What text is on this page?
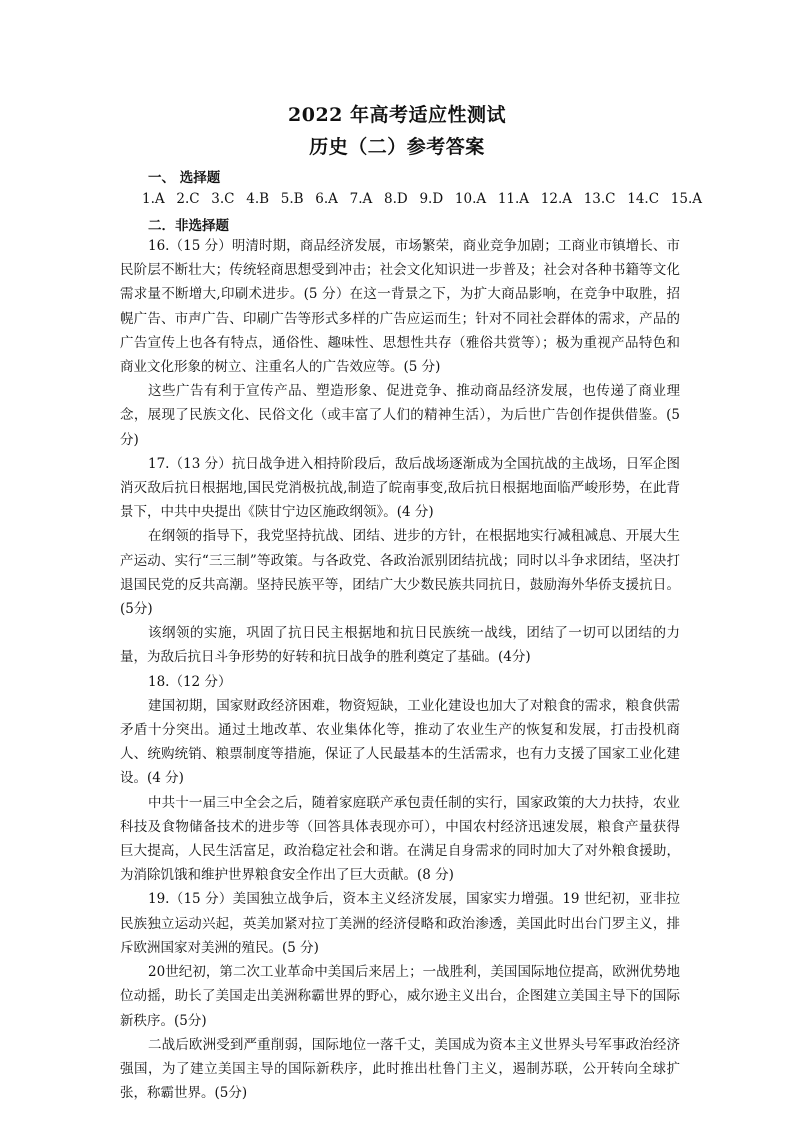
2022 年高考适应性测试
历史（二）参考答案
一、 选择题
1.A 2.C 3.C 4.B 5.B 6.A 7.A 8.D 9.D 10.A 11.A 12.A 13.C 14.C 15.A
二．非选择题

16.（15 分）明清时期，商品经济发展，市场繁荣，商业竞争加剧；工商业市镇增长、市民阶层不断壮大；传统轻商思想受到冲击；社会文化知识进一步普及；社会对各种书籍等文化需求量不断增大,印刷术进步。(5 分）在这一背景之下，为扩大商品影响，在竞争中取胜，招幌广告、市声广告、印刷广告等形式多样的广告应运而生；针对不同社会群体的需求，产品的广告宣传上也各有特点，通俗性、趣味性、思想性共存（雅俗共赏等）；极为重视产品特色和商业文化形象的树立、注重名人的广告效应等。(5 分)

这些广告有利于宣传产品、塑造形象、促进竞争、推动商品经济发展，也传递了商业理念，展现了民族文化、民俗文化（或丰富了人们的精神生活），为后世广告创作提供借鉴。(5 分)

17.（13 分）抗日战争进入相持阶段后，敌后战场逐渐成为全国抗战的主战场，日军企图消灭敌后抗日根据地,国民党消极抗战,制造了皖南事变,敌后抗日根据地面临严峻形势，在此背景下，中共中央提出《陕甘宁边区施政纲领》。(4 分)

在纲领的指导下，我党坚持抗战、团结、进步的方针，在根据地实行减租减息、开展大生产运动、实行“三三制”等政策。与各政党、各政治派别团结抗战；同时以斗争求团结，坚决打退国民党的反共高潮。坚持民族平等，团结广大少数民族共同抗日，鼓励海外华侨支援抗日。(5分)

该纲领的实施，巩固了抗日民主根据地和抗日民族统一战线，团结了一切可以团结的力量，为敌后抗日斗争形势的好转和抗日战争的胜利奠定了基础。(4分)

18.（12 分）

建国初期，国家财政经济困难，物资短缺，工业化建设也加大了对粮食的需求，粮食供需矛盾十分突出。通过土地改革、农业集体化等，推动了农业生产的恢复和发展，打击投机商人、统购统销、粮票制度等措施，保证了人民最基本的生活需求，也有力支援了国家工业化建设。(4 分)

中共十一届三中全会之后，随着家庭联产承包责任制的实行，国家政策的大力扶持，农业科技及食物储备技术的进步等（回答具体表现亦可），中国农村经济迅速发展，粮食产量获得巨大提高，人民生活富足，政治稳定社会和谐。在满足自身需求的同时加大了对外粮食援助，为消除饥饿和维护世界粮食安全作出了巨大贡献。(8 分)

19.（15 分）美国独立战争后，资本主义经济发展，国家实力增强。19 世纪初，亚非拉民族独立运动兴起，英美加紧对拉丁美洲的经济侵略和政治渗透，美国此时出台门罗主义，排斥欧洲国家对美洲的殖民。(5 分)

20世纪初，第二次工业革命中美国后来居上；一战胜利，美国国际地位提高，欧洲优势地位动摇，助长了美国走出美洲称霸世界的野心，威尔逊主义出台，企图建立美国主导下的国际新秩序。(5分)

二战后欧洲受到严重削弱，国际地位一落千丈，美国成为资本主义世界头号军事政治经济强国，为了建立美国主导的国际新秩序，此时推出杜鲁门主义，遏制苏联，公开转向全球扩张，称霸世界。(5分)
